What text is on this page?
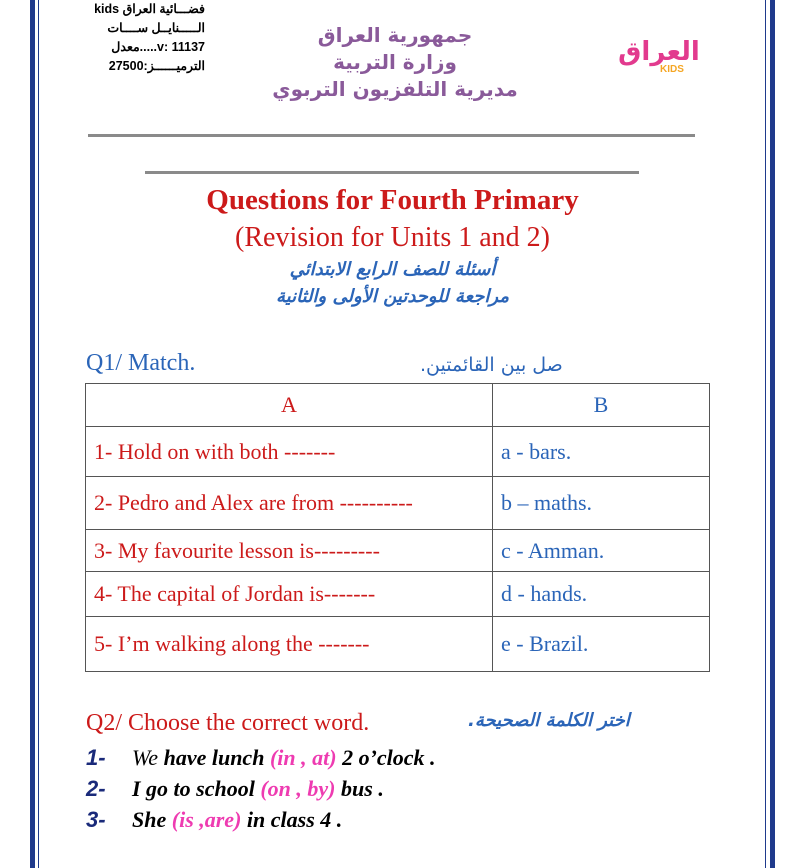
فضـــائية العراق kids
الـــــنايــل ســــات
v: 11137.....معدل
الترميــــــز:27500
جمهورية العراق
وزارة التربية
مديرية التلفزيون التربوي
العراق
KIDS
Questions for Fourth Primary
(Revision for Units 1 and 2)
أسئلة للصف الرابع الابتدائي
مراجعة للوحدتين الأولى والثانية
Q1/ Match.	صل بين القائمتين.
A	B
1- Hold on with both -------	a - bars.
2- Pedro and Alex are from ----------	b – maths.
3- My favourite lesson is---------	c - Amman.
4- The capital of Jordan is-------	d - hands.
5- I’m walking along the -------	e - Brazil.
Q2/ Choose the correct word.	اختر الكلمة الصحيحة.
1- We have lunch (in , at) 2 o’clock .
2- I go to school (on , by) bus .
3- She (is ,are) in class 4 .
